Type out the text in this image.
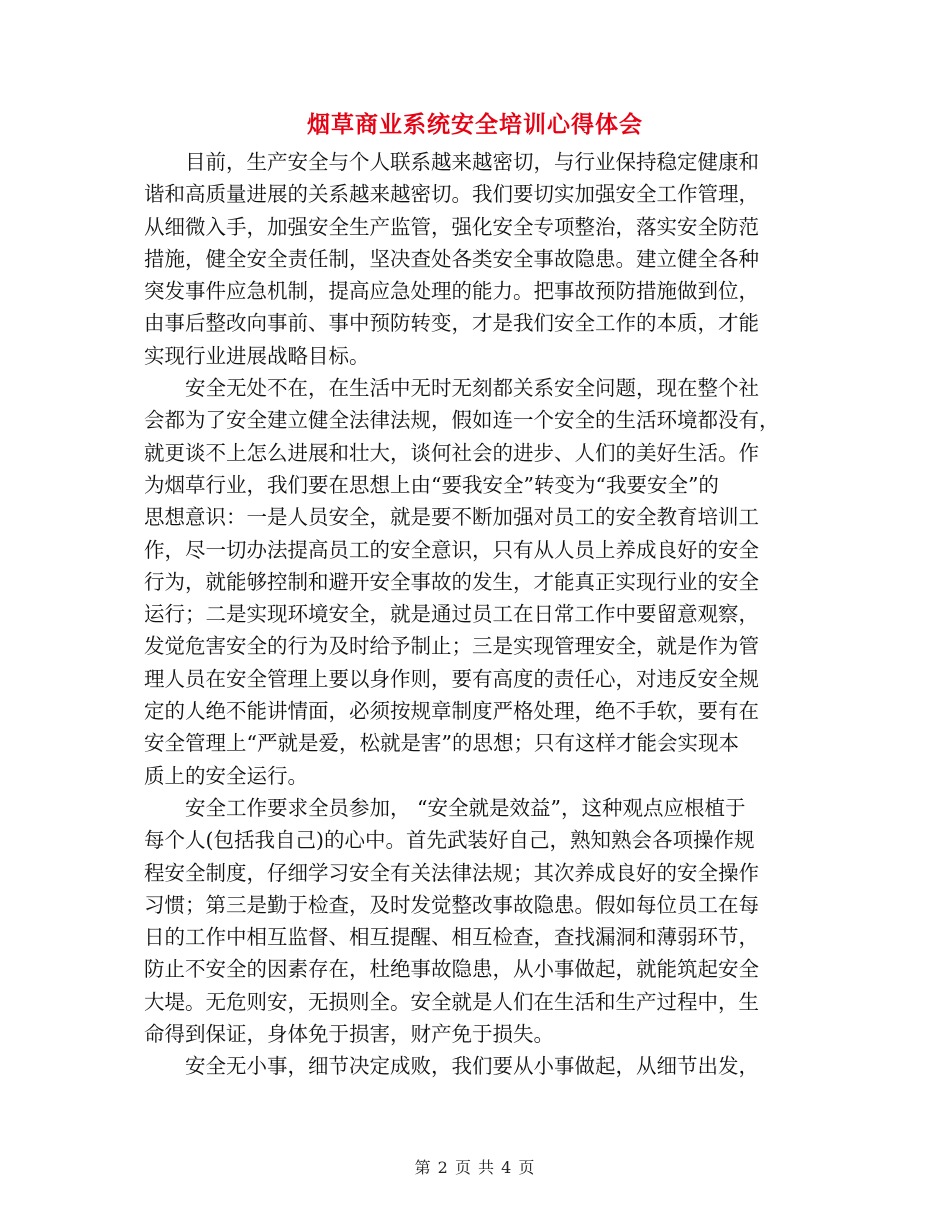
烟草商业系统安全培训心得体会
目前，生产安全与个人联系越来越密切，与行业保持稳定健康和
谐和高质量进展的关系越来越密切。我们要切实加强安全工作管理，
从细微入手，加强安全生产监管，强化安全专项整治，落实安全防范
措施，健全安全责任制，坚决查处各类安全事故隐患。建立健全各种
突发事件应急机制，提高应急处理的能力。把事故预防措施做到位，
由事后整改向事前、事中预防转变，才是我们安全工作的本质，才能
实现行业进展战略目标。
安全无处不在，在生活中无时无刻都关系安全问题，现在整个社
会都为了安全建立健全法律法规，假如连一个安全的生活环境都没有，
就更谈不上怎么进展和壮大，谈何社会的进步、人们的美好生活。作
为烟草行业，我们要在思想上由“要我安全”转变为“我要安全”的
思想意识：一是人员安全，就是要不断加强对员工的安全教育培训工
作，尽一切办法提高员工的安全意识，只有从人员上养成良好的安全
行为，就能够控制和避开安全事故的发生，才能真正实现行业的安全
运行；二是实现环境安全，就是通过员工在日常工作中要留意观察，
发觉危害安全的行为及时给予制止；三是实现管理安全，就是作为管
理人员在安全管理上要以身作则，要有高度的责任心，对违反安全规
定的人绝不能讲情面，必须按规章制度严格处理，绝不手软，要有在
安全管理上“严就是爱，松就是害”的思想；只有这样才能会实现本
质上的安全运行。
安全工作要求全员参加， “安全就是效益”，这种观点应根植于
每个人(包括我自己)的心中。首先武装好自己，熟知熟会各项操作规
程安全制度，仔细学习安全有关法律法规；其次养成良好的安全操作
习惯；第三是勤于检查，及时发觉整改事故隐患。假如每位员工在每
日的工作中相互监督、相互提醒、相互检查，查找漏洞和薄弱环节，
防止不安全的因素存在，杜绝事故隐患，从小事做起，就能筑起安全
大堤。无危则安，无损则全。安全就是人们在生活和生产过程中，生
命得到保证，身体免于损害，财产免于损失。
安全无小事，细节决定成败，我们要从小事做起，从细节出发，
第 2 页 共 4 页
